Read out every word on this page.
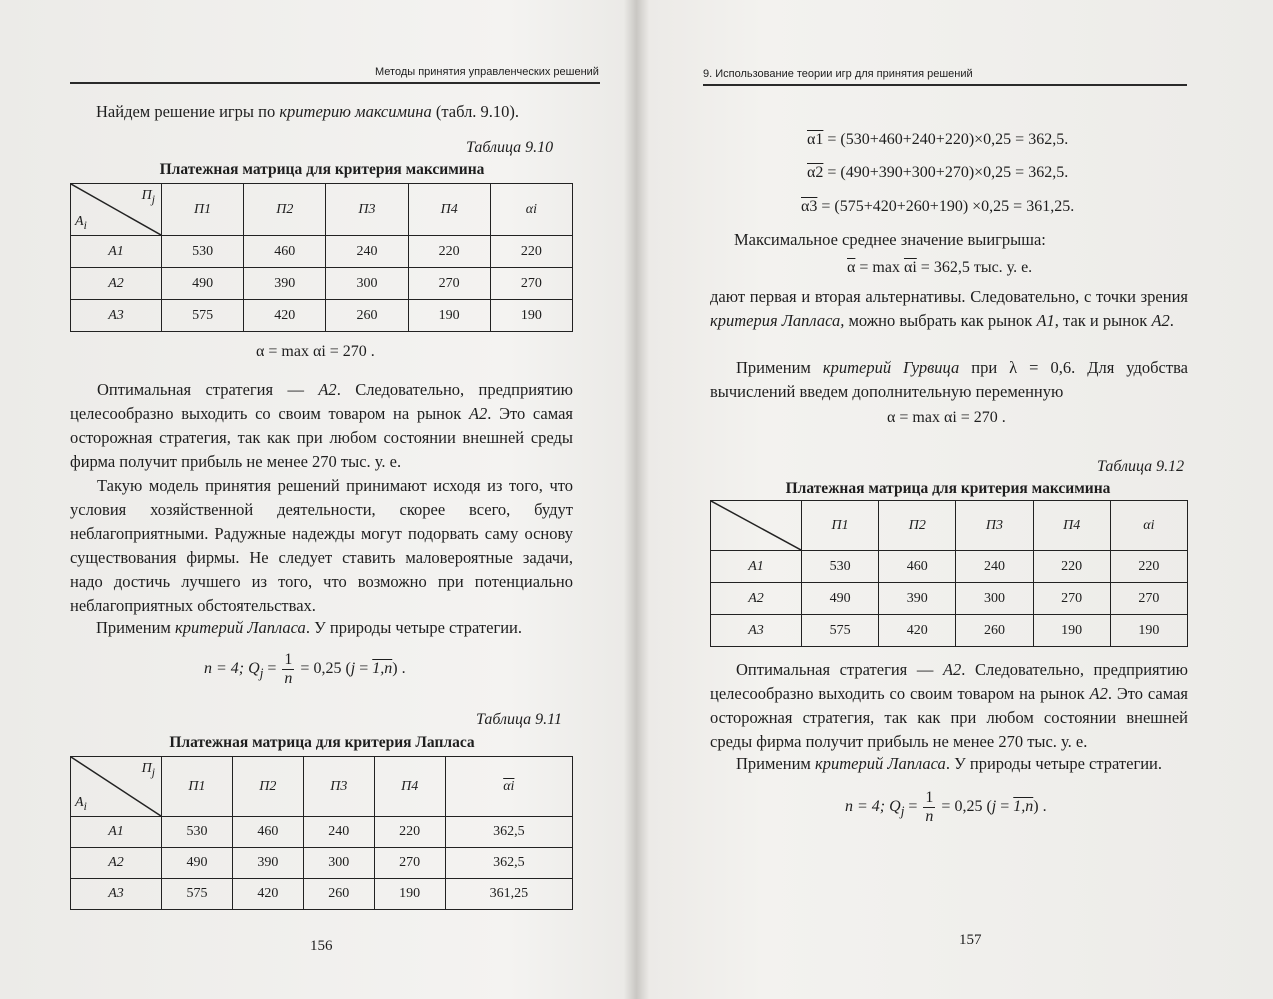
Методы принятия управленческих решений
Найдем решение игры по критерию максимина (табл. 9.10).
Таблица 9.10
Платежная матрица для критерия максимина
$П_j$
$A_i$	П1	П2	П3	П4	αi
A1	530	460	240	220	220
A2	490	390	300	270	270
A3	575	420	260	190	190
α = max αi = 270 .
Оптимальная стратегия — A2. Следовательно, предприятию целесообразно выходить со своим товаром на рынок A2. Это самая осторожная стратегия, так как при любом состоянии внешней среды фирма получит прибыль не менее 270 тыс. у. е.
Такую модель принятия решений принимают исходя из того, что условия хозяйственной деятельности, скорее всего, будут неблагоприятными. Радужные надежды могут подорвать саму основу существования фирмы. Не следует ставить маловероятные задачи, надо достичь лучшего из того, что возможно при потенциально неблагоприятных обстоятельствах.
Применим критерий Лапласа. У природы четыре стратегии.
n = 4; $Q_j = \frac{1}{n} = 0,25$ (j = 1,n) .
Таблица 9.11
Платежная матрица для критерия Лапласа
$П_j$
$A_i$	П1	П2	П3	П4	$\overline{\alpha i}$
A1	530	460	240	220	362,5
A2	490	390	300	270	362,5
A3	575	420	260	190	361,25
156
9. Использование теории игр для принятия решений
α1 = (530+460+240+220)×0,25 = 362,5.
α2 = (490+390+300+270)×0,25 = 362,5.
α3 = (575+420+260+190) ×0,25 = 361,25.
Максимальное среднее значение выигрыша:
$\overline{\alpha} = \max \overline{\alpha i} = 362,5$ тыс. у. е.
дают первая и вторая альтернативы. Следовательно, с точки зрения критерия Лапласа, можно выбрать как рынок A1, так и рынок A2.
Применим критерий Гурвица при λ = 0,6. Для удобства вычислений введем дополнительную переменную
α = max αi = 270 .
Таблица 9.12
Платежная матрица для критерия максимина
	П1	П2	П3	П4	αi
A1	530	460	240	220	220
A2	490	390	300	270	270
A3	575	420	260	190	190
Оптимальная стратегия — A2. Следовательно, предприятию целесообразно выходить со своим товаром на рынок A2. Это самая осторожная стратегия, так как при любом состоянии внешней среды фирма получит прибыль не менее 270 тыс. у. е.
Применим критерий Лапласа. У природы четыре стратегии.
n = 4; $Q_j = \frac{1}{n} = 0,25$ (j = 1,n) .
157
